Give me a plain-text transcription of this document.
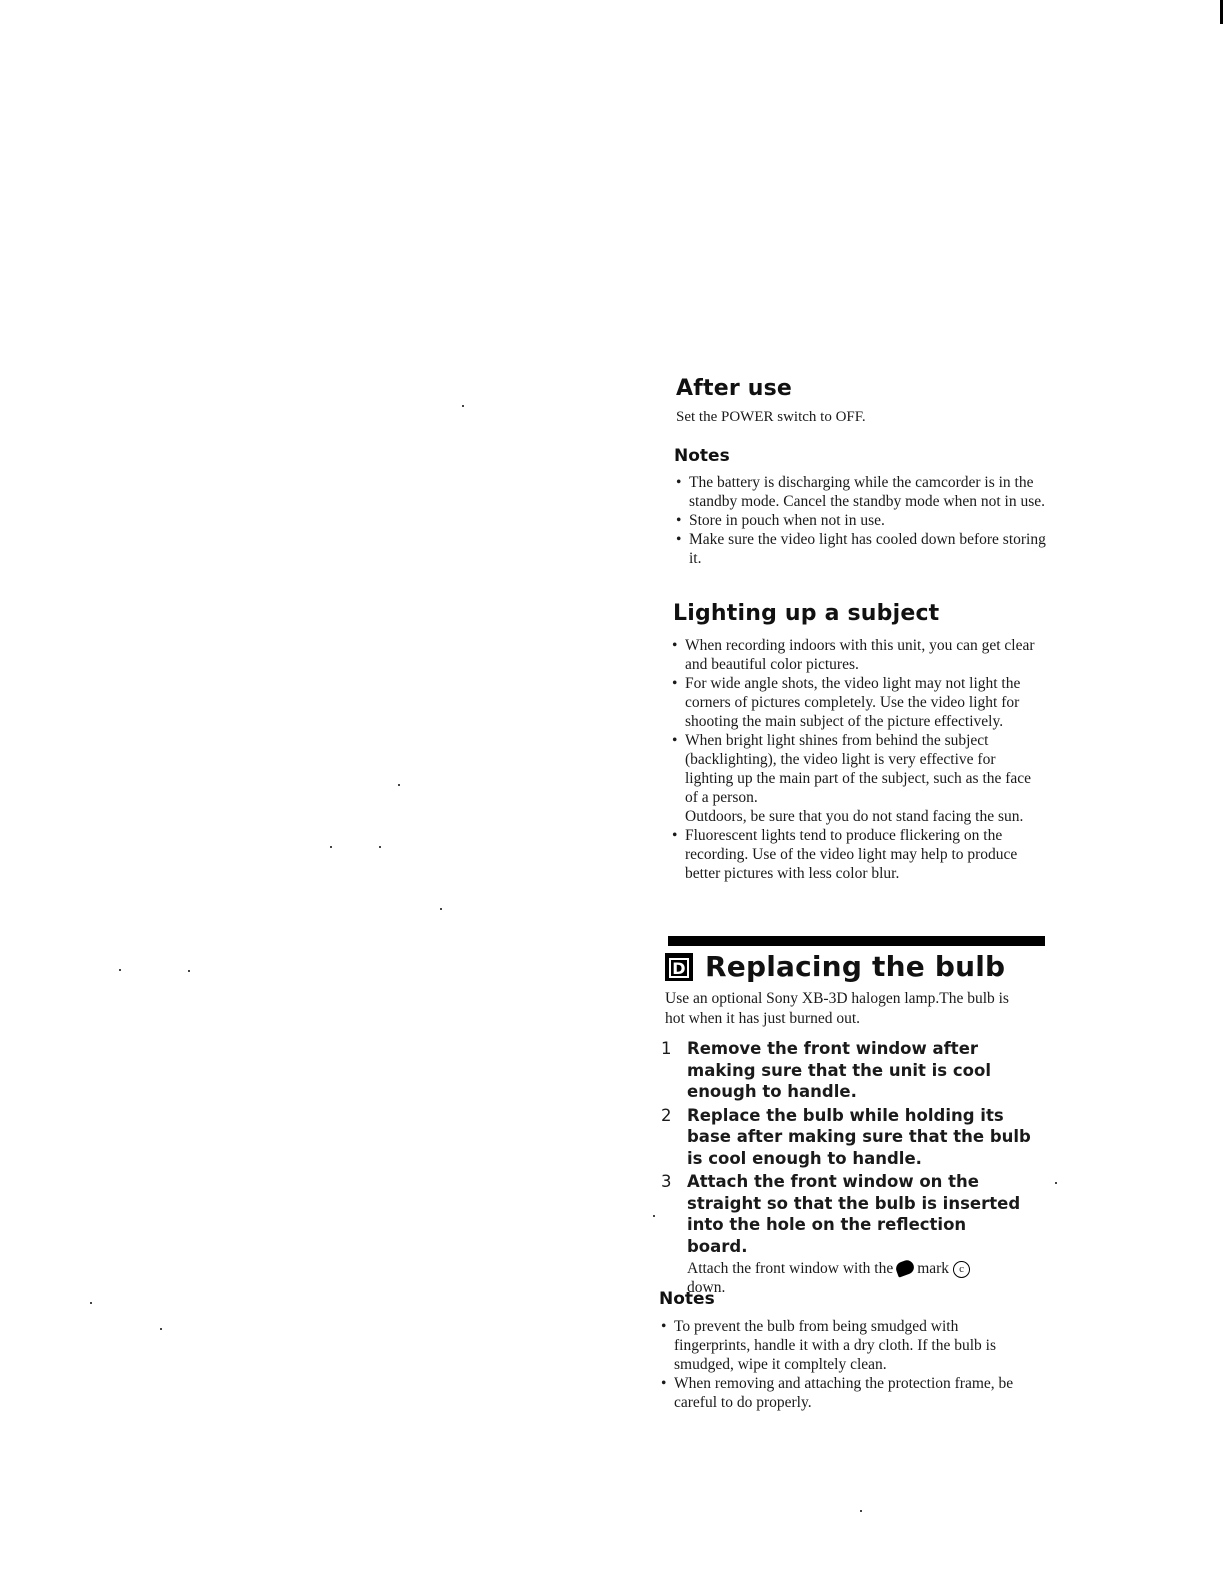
After use
Set the POWER switch to OFF.
Notes
• The battery is discharging while the camcorder is in the standby mode. Cancel the standby mode when not in use.
• Store in pouch when not in use.
• Make sure the video light has cooled down before storing it.
Lighting up a subject
• When recording indoors with this unit, you can get clear and beautiful color pictures.
• For wide angle shots, the video light may not light the corners of pictures completely. Use the video light for shooting the main subject of the picture effectively.
• When bright light shines from behind the subject (backlighting), the video light is very effective for lighting up the main part of the subject, such as the face of a person.
Outdoors, be sure that you do not stand facing the sun.
• Fluorescent lights tend to produce flickering on the recording. Use of the video light may help to produce better pictures with less color blur.
D Replacing the bulb
Use an optional Sony XB-3D halogen lamp.The bulb is hot when it has just burned out.
1 Remove the front window after making sure that the unit is cool enough to handle.
2 Replace the bulb while holding its base after making sure that the bulb is cool enough to handle.
3 Attach the front window on the straight so that the bulb is inserted into the hole on the reflection board.
Attach the front window with the mark c
down.
Notes
• To prevent the bulb from being smudged with fingerprints, handle it with a dry cloth. If the bulb is smudged, wipe it compltely clean.
• When removing and attaching the protection frame, be careful to do properly.
